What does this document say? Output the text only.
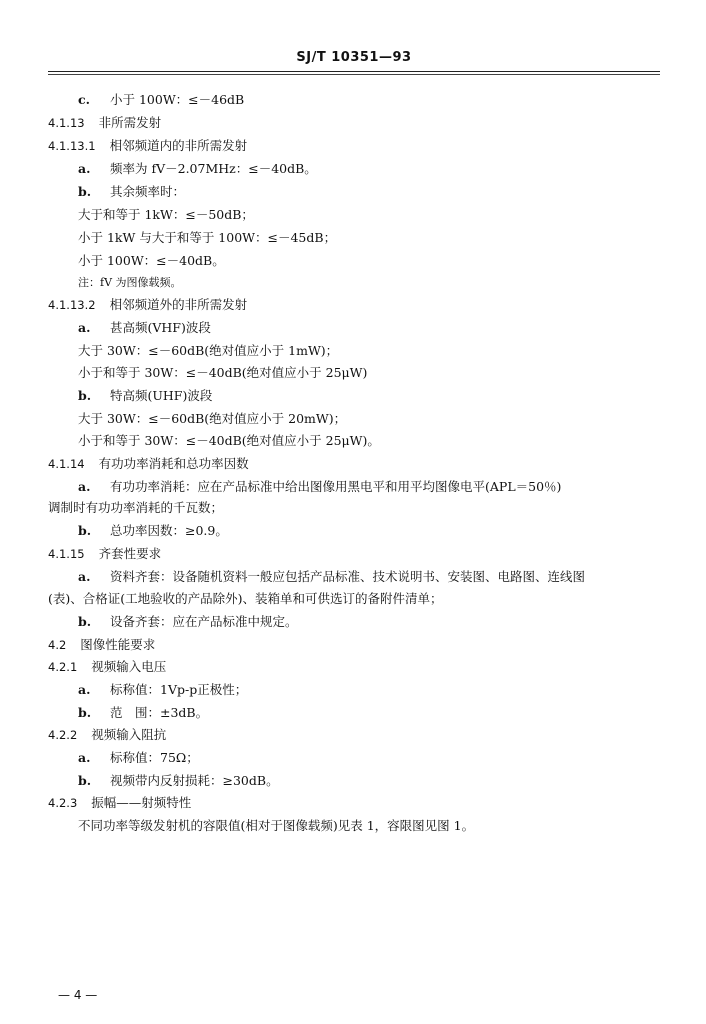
SJ/T 10351—93
c. 小于 100W：≤－46dB
4.1.13 非所需发射
4.1.13.1 相邻频道内的非所需发射
a. 频率为 fV－2.07MHz：≤－40dB。
b. 其余频率时：
大于和等于 1kW：≤－50dB；
小于 1kW 与大于和等于 100W：≤－45dB；
小于 100W：≤－40dB。
注：fV 为图像载频。
4.1.13.2 相邻频道外的非所需发射
a. 甚高频(VHF)波段
大于 30W：≤－60dB(绝对值应小于 1mW)；
小于和等于 30W：≤－40dB(绝对值应小于 25μW)
b. 特高频(UHF)波段
大于 30W：≤－60dB(绝对值应小于 20mW)；
小于和等于 30W：≤－40dB(绝对值应小于 25μW)。
4.1.14 有功功率消耗和总功率因数
a. 有功功率消耗：应在产品标准中给出图像用黑电平和用平均图像电平(APL＝50％)
调制时有功功率消耗的千瓦数；
b. 总功率因数：≥0.9。
4.1.15 齐套性要求
a. 资料齐套：设备随机资料一般应包括产品标准、技术说明书、安装图、电路图、连线图
(表)、合格证(工地验收的产品除外)、装箱单和可供选订的备附件清单；
b. 设备齐套：应在产品标准中规定。
4.2 图像性能要求
4.2.1 视频输入电压
a. 标称值：1Vp-p正极性；
b. 范　围：±3dB。
4.2.2 视频输入阻抗
a. 标称值：75Ω；
b. 视频带内反射损耗：≥30dB。
4.2.3 振幅——射频特性
不同功率等级发射机的容限值(相对于图像载频)见表 1，容限图见图 1。
— 4 —
